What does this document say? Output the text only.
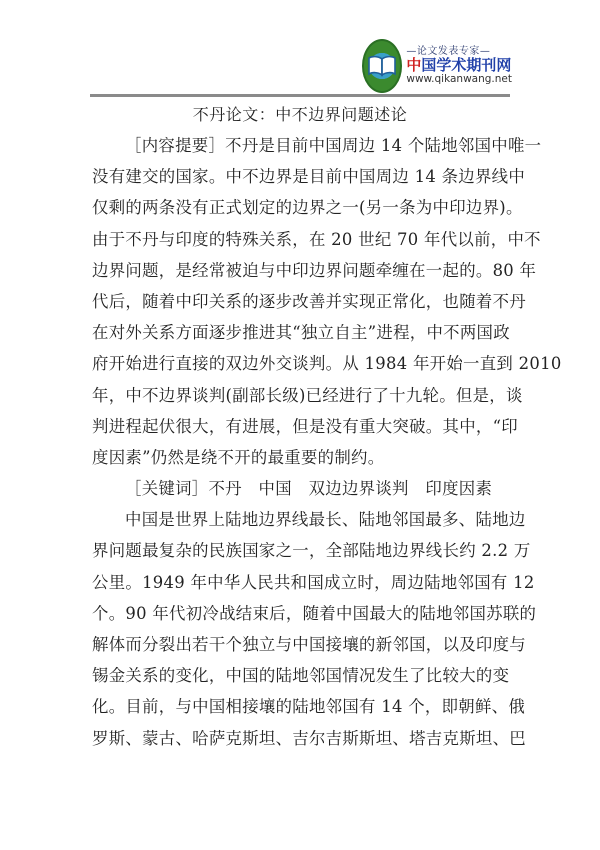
—论文发表专家—
中国学术期刊网
www.qikanwang.net
不丹论文：中不边界问题述论
［内容提要］不丹是目前中国周边 14 个陆地邻国中唯一
没有建交的国家。中不边界是目前中国周边 14 条边界线中
仅剩的两条没有正式划定的边界之一(另一条为中印边界)。
由于不丹与印度的特殊关系，在 20 世纪 70 年代以前，中不
边界问题，是经常被迫与中印边界问题牵缠在一起的。80 年
代后，随着中印关系的逐步改善并实现正常化，也随着不丹
在对外关系方面逐步推进其“独立自主”进程，中不两国政
府开始进行直接的双边外交谈判。从 1984 年开始一直到 2010
年，中不边界谈判(副部长级)已经进行了十九轮。但是，谈
判进程起伏很大，有进展，但是没有重大突破。其中，“印
度因素”仍然是绕不开的最重要的制约。
［关键词］不丹　中国　双边边界谈判　印度因素
中国是世界上陆地边界线最长、陆地邻国最多、陆地边
界问题最复杂的民族国家之一，全部陆地边界线长约 2.2 万
公里。1949 年中华人民共和国成立时，周边陆地邻国有 12
个。90 年代初冷战结束后，随着中国最大的陆地邻国苏联的
解体而分裂出若干个独立与中国接壤的新邻国，以及印度与
锡金关系的变化，中国的陆地邻国情况发生了比较大的变
化。目前，与中国相接壤的陆地邻国有 14 个，即朝鲜、俄
罗斯、蒙古、哈萨克斯坦、吉尔吉斯斯坦、塔吉克斯坦、巴
